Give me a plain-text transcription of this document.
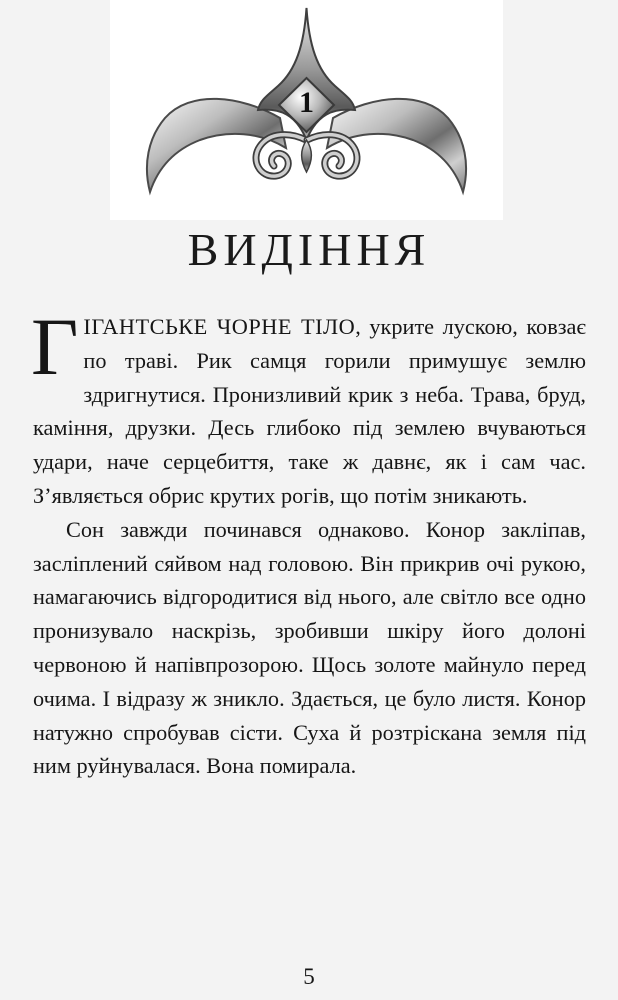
1
ВИДІННЯ

ГІГАНТСЬКЕ ЧОРНЕ ТІЛО, укрите лускою, ковзає по траві. Рик самця горили примушує землю здригнутися. Пронизливий крик з неба. Трава, бруд, каміння, друзки. Десь глибоко під землею вчуваються удари, наче серцебиття, таке ж давнє, як і сам час. З’являється обрис крутих рогів, що потім зникають.

Сон завжди починався однаково. Конор закліпав, засліплений сяйвом над головою. Він прикрив очі рукою, намагаючись відгородитися від нього, але світло все одно пронизувало наскрізь, зробивши шкіру його долоні червоною й напівпрозорою. Щось золоте майнуло перед очима. І відразу ж зникло. Здається, це було листя. Конор натужно спробував сісти. Суха й розтріскана земля під ним руйнувалася. Вона помирала.

5
